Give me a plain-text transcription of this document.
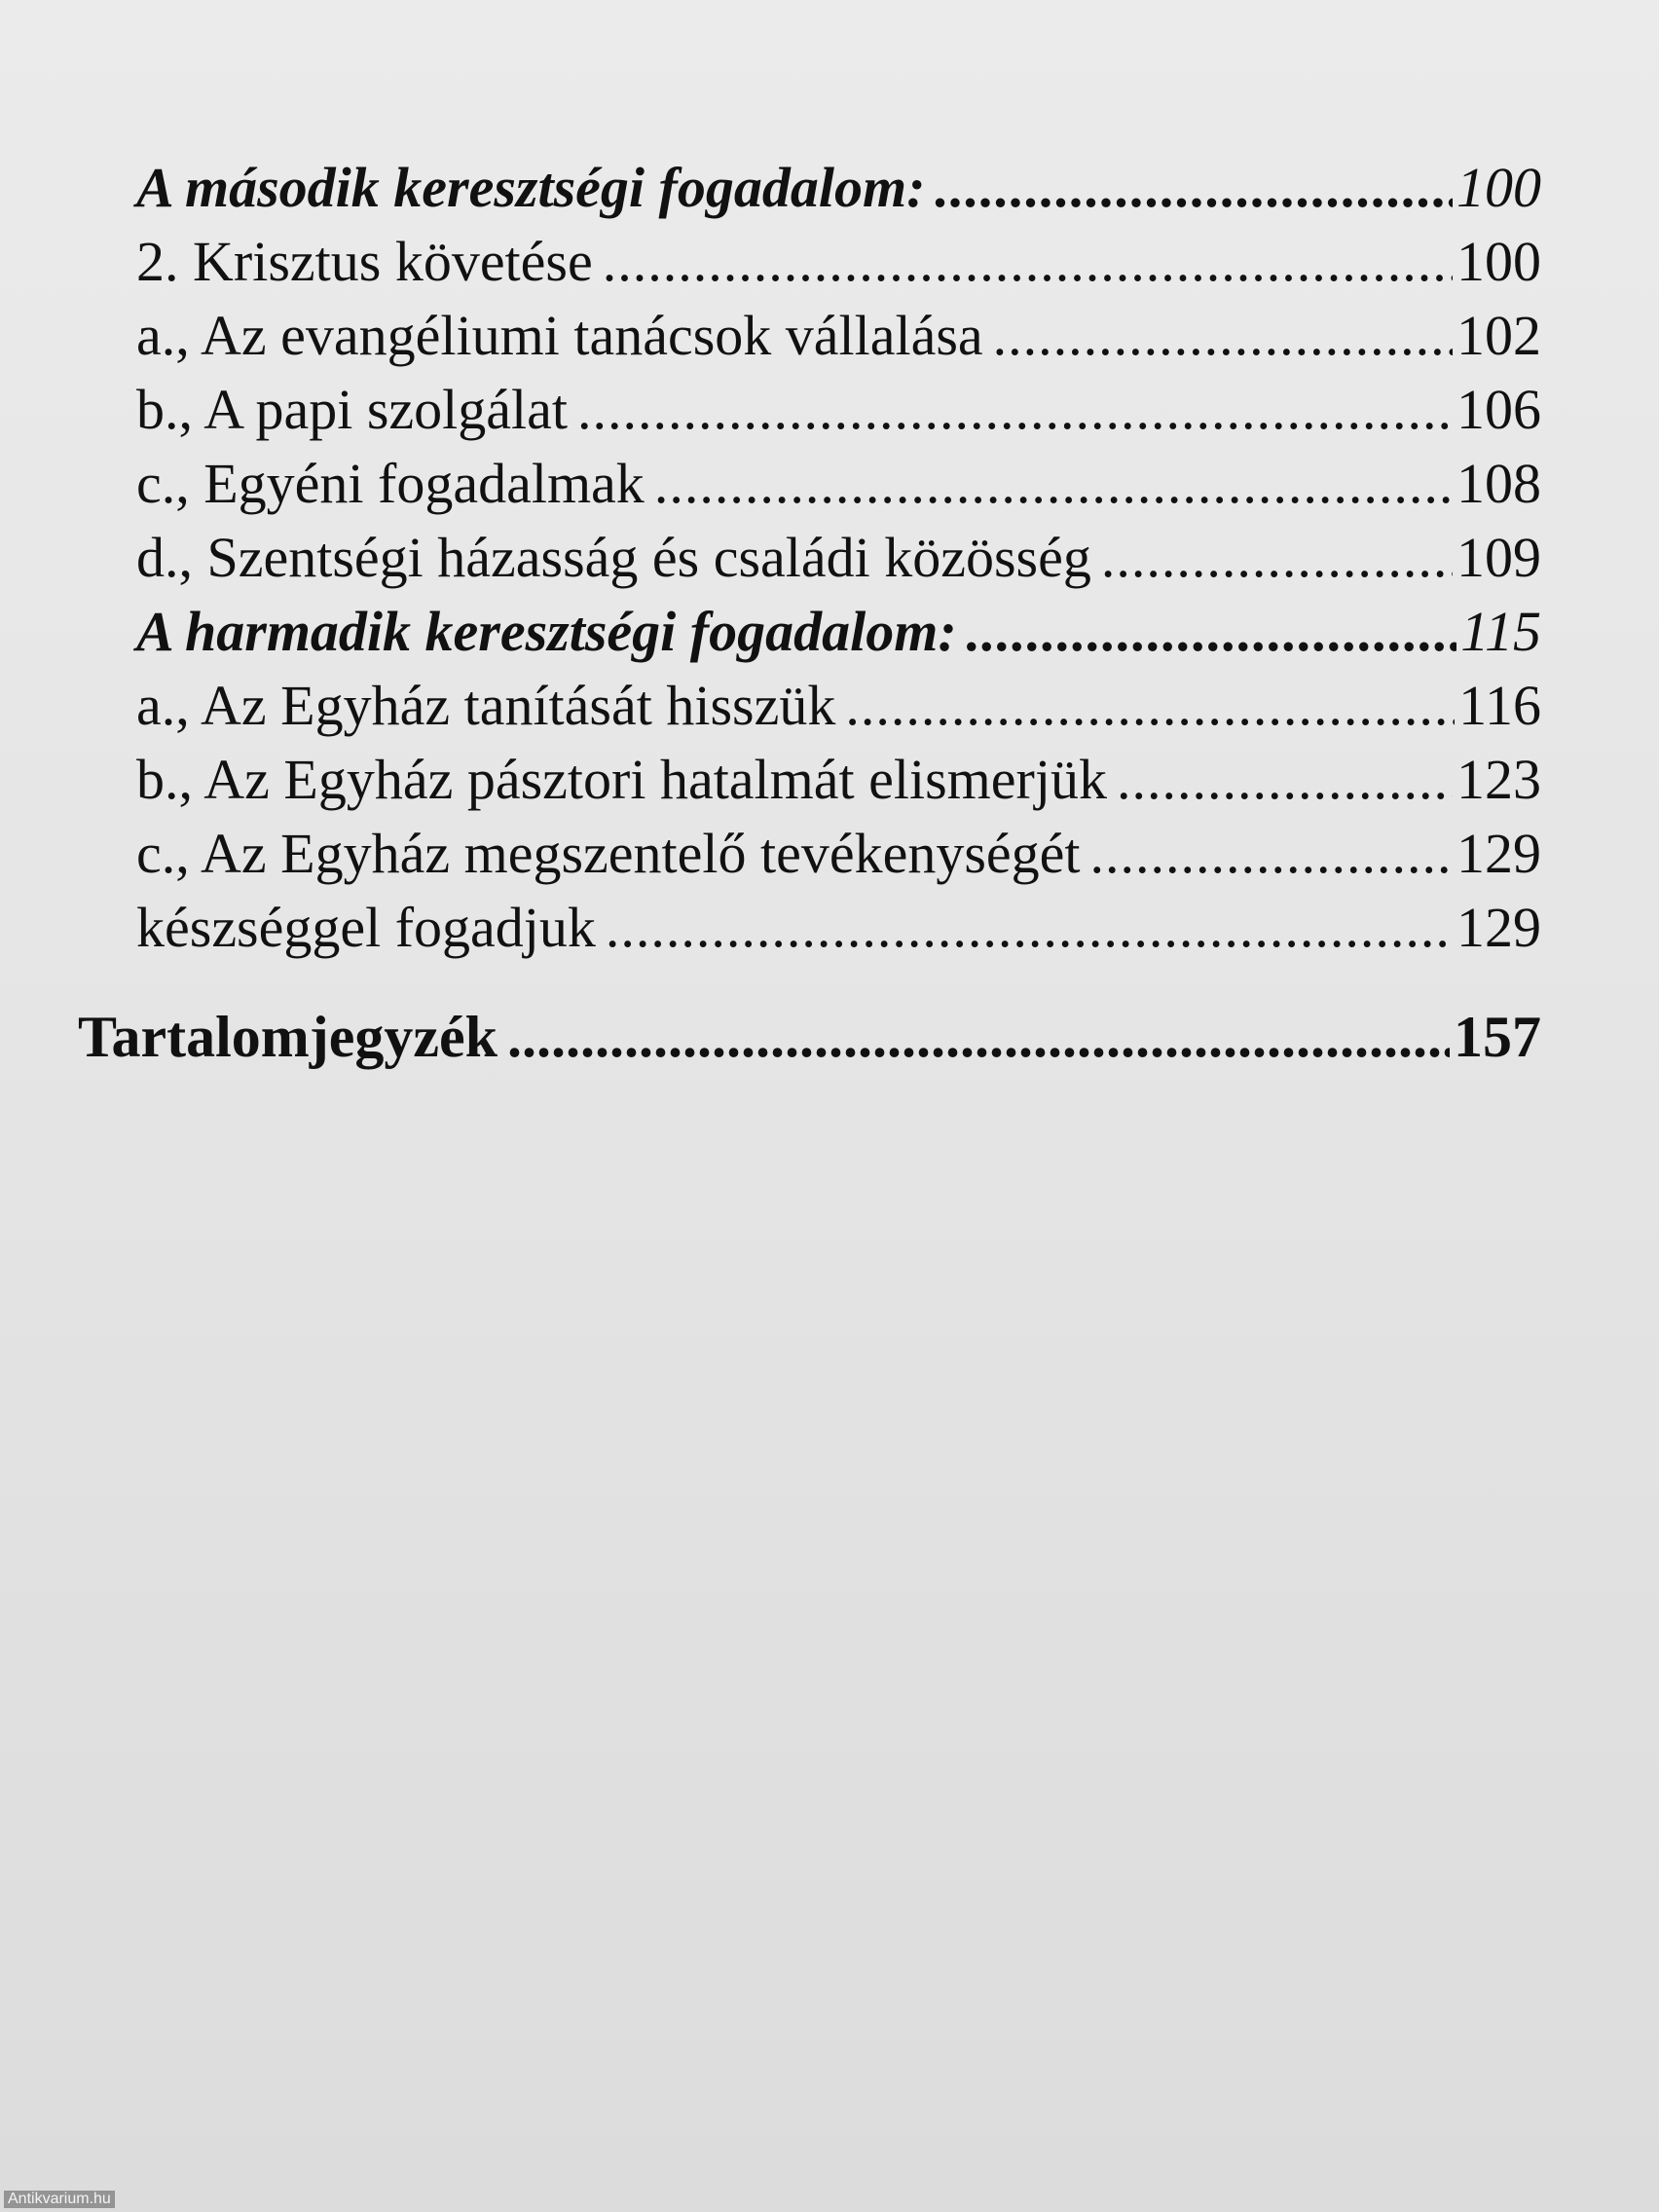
A második keresztségi fogadalom: .....	100
2. Krisztus követése .....	100
a., Az evangéliumi tanácsok vállalása .....	102
b., A papi szolgálat .....	106
c., Egyéni fogadalmak .....	108
d., Szentségi házasság és családi közösség .....	109
A harmadik keresztségi fogadalom: .....	115
a., Az Egyház tanítását hisszük .....	116
b., Az Egyház pásztori hatalmát elismerjük .....	123
c., Az Egyház megszentelő tevékenységét .....	129
készséggel fogadjuk .....	129
Tartalomjegyzék .....	157
Antikvarium.hu
